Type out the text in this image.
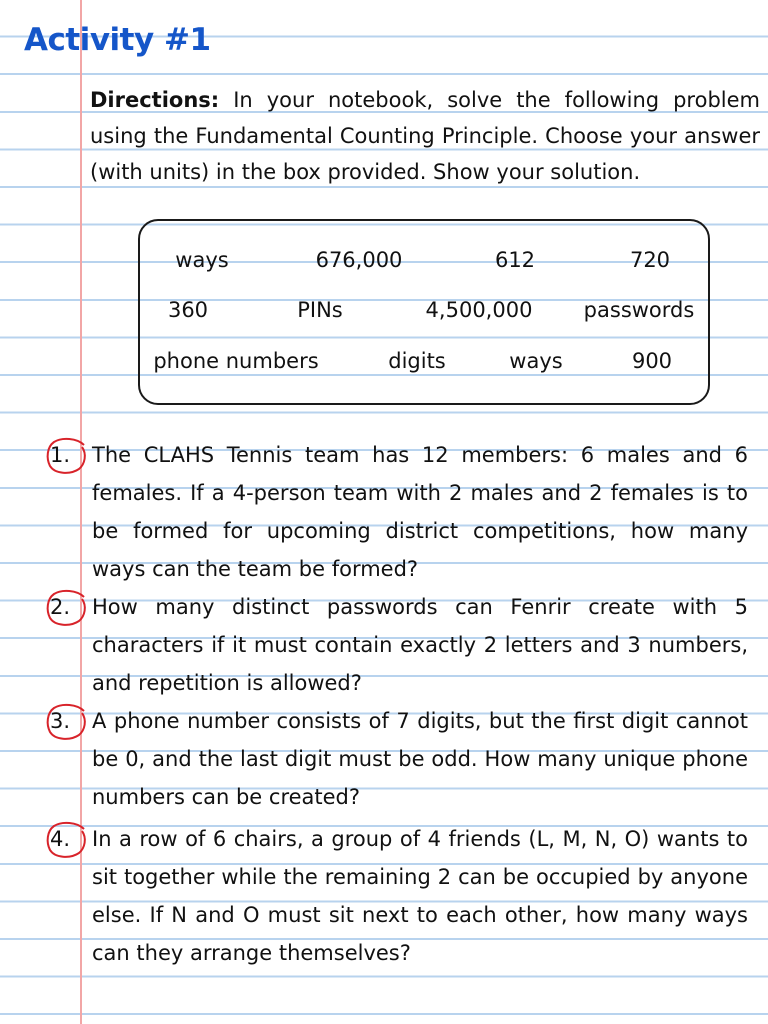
Activity #1
Directions: In your notebook, solve the following problem using the Fundamental Counting Principle. Choose your answer (with units) in the box provided. Show your solution.
ways	676,000	612	720
360	PINs	4,500,000 passwords
phone numbers	digits	ways	900
1. The CLAHS Tennis team has 12 members: 6 males and 6 females. If a 4-person team with 2 males and 2 females is to be formed for upcoming district competitions, how many ways can the team be formed?
2. How many distinct passwords can Fenrir create with 5 characters if it must contain exactly 2 letters and 3 numbers, and repetition is allowed?
3. A phone number consists of 7 digits, but the first digit cannot be 0, and the last digit must be odd. How many unique phone numbers can be created?
4. In a row of 6 chairs, a group of 4 friends (L, M, N, O) wants to sit together while the remaining 2 can be occupied by anyone else. If N and O must sit next to each other, how many ways can they arrange themselves?
